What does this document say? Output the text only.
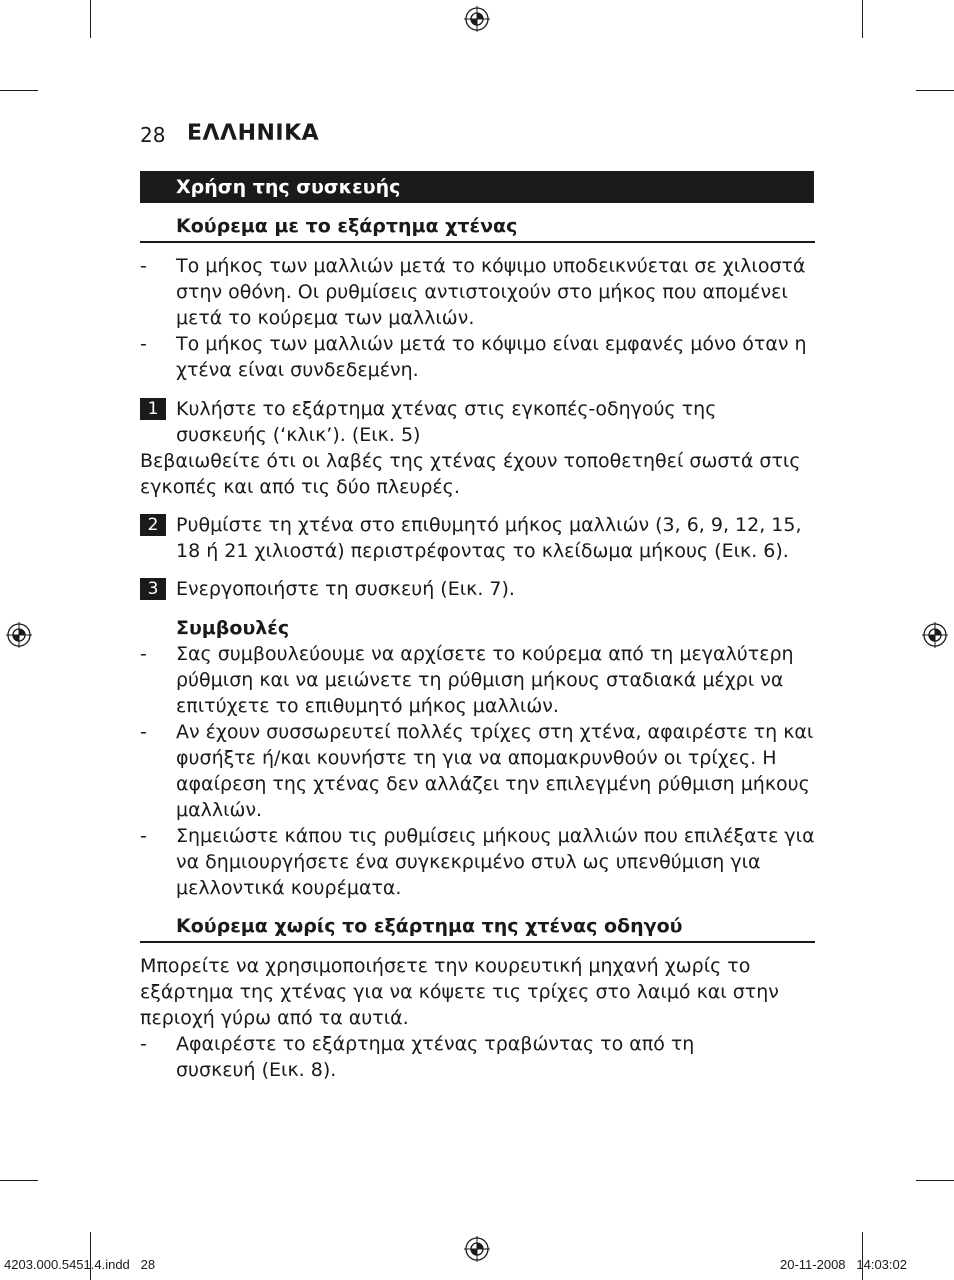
28 ΕΛΛΗΝΙΚΑ
Χρήση της συσκευής
Κούρεμα με το εξάρτημα χτένας
- Το μήκος των μαλλιών μετά το κόψιμο υποδεικνύεται σε χιλιοστά στην οθόνη. Οι ρυθμίσεις αντιστοιχούν στο μήκος που απομένει μετά το κούρεμα των μαλλιών.
- Το μήκος των μαλλιών μετά το κόψιμο είναι εμφανές μόνο όταν η χτένα είναι συνδεδεμένη.
1 Κυλήστε το εξάρτημα χτένας στις εγκοπές-οδηγούς της συσκευής (‘κλικ’). (Εικ. 5)
Βεβαιωθείτε ότι οι λαβές της χτένας έχουν τοποθετηθεί σωστά στις εγκοπές και από τις δύο πλευρές.
2 Ρυθμίστε τη χτένα στο επιθυμητό μήκος μαλλιών (3, 6, 9, 12, 15, 18 ή 21 χιλιοστά) περιστρέφοντας το κλείδωμα μήκους (Εικ. 6).
3 Ενεργοποιήστε τη συσκευή (Εικ. 7).
Συμβουλές
- Σας συμβουλεύουμε να αρχίσετε το κούρεμα από τη μεγαλύτερη ρύθμιση και να μειώνετε τη ρύθμιση μήκους σταδιακά μέχρι να επιτύχετε το επιθυμητό μήκος μαλλιών.
- Αν έχουν συσσωρευτεί πολλές τρίχες στη χτένα, αφαιρέστε τη και φυσήξτε ή/και κουνήστε τη για να απομακρυνθούν οι τρίχες. Η αφαίρεση της χτένας δεν αλλάζει την επιλεγμένη ρύθμιση μήκους μαλλιών.
- Σημειώστε κάπου τις ρυθμίσεις μήκους μαλλιών που επιλέξατε για να δημιουργήσετε ένα συγκεκριμένο στυλ ως υπενθύμιση για μελλοντικά κουρέματα.
Κούρεμα χωρίς το εξάρτημα της χτένας οδηγού
Μπορείτε να χρησιμοποιήσετε την κουρευτική μηχανή χωρίς το εξάρτημα της χτένας για να κόψετε τις τρίχες στο λαιμό και στην περιοχή γύρω από τα αυτιά.
- Αφαιρέστε το εξάρτημα χτένας τραβώντας το από τη συσκευή (Εικ. 8).
4203.000.5451.4.indd   28	20-11-2008   14:03:02
